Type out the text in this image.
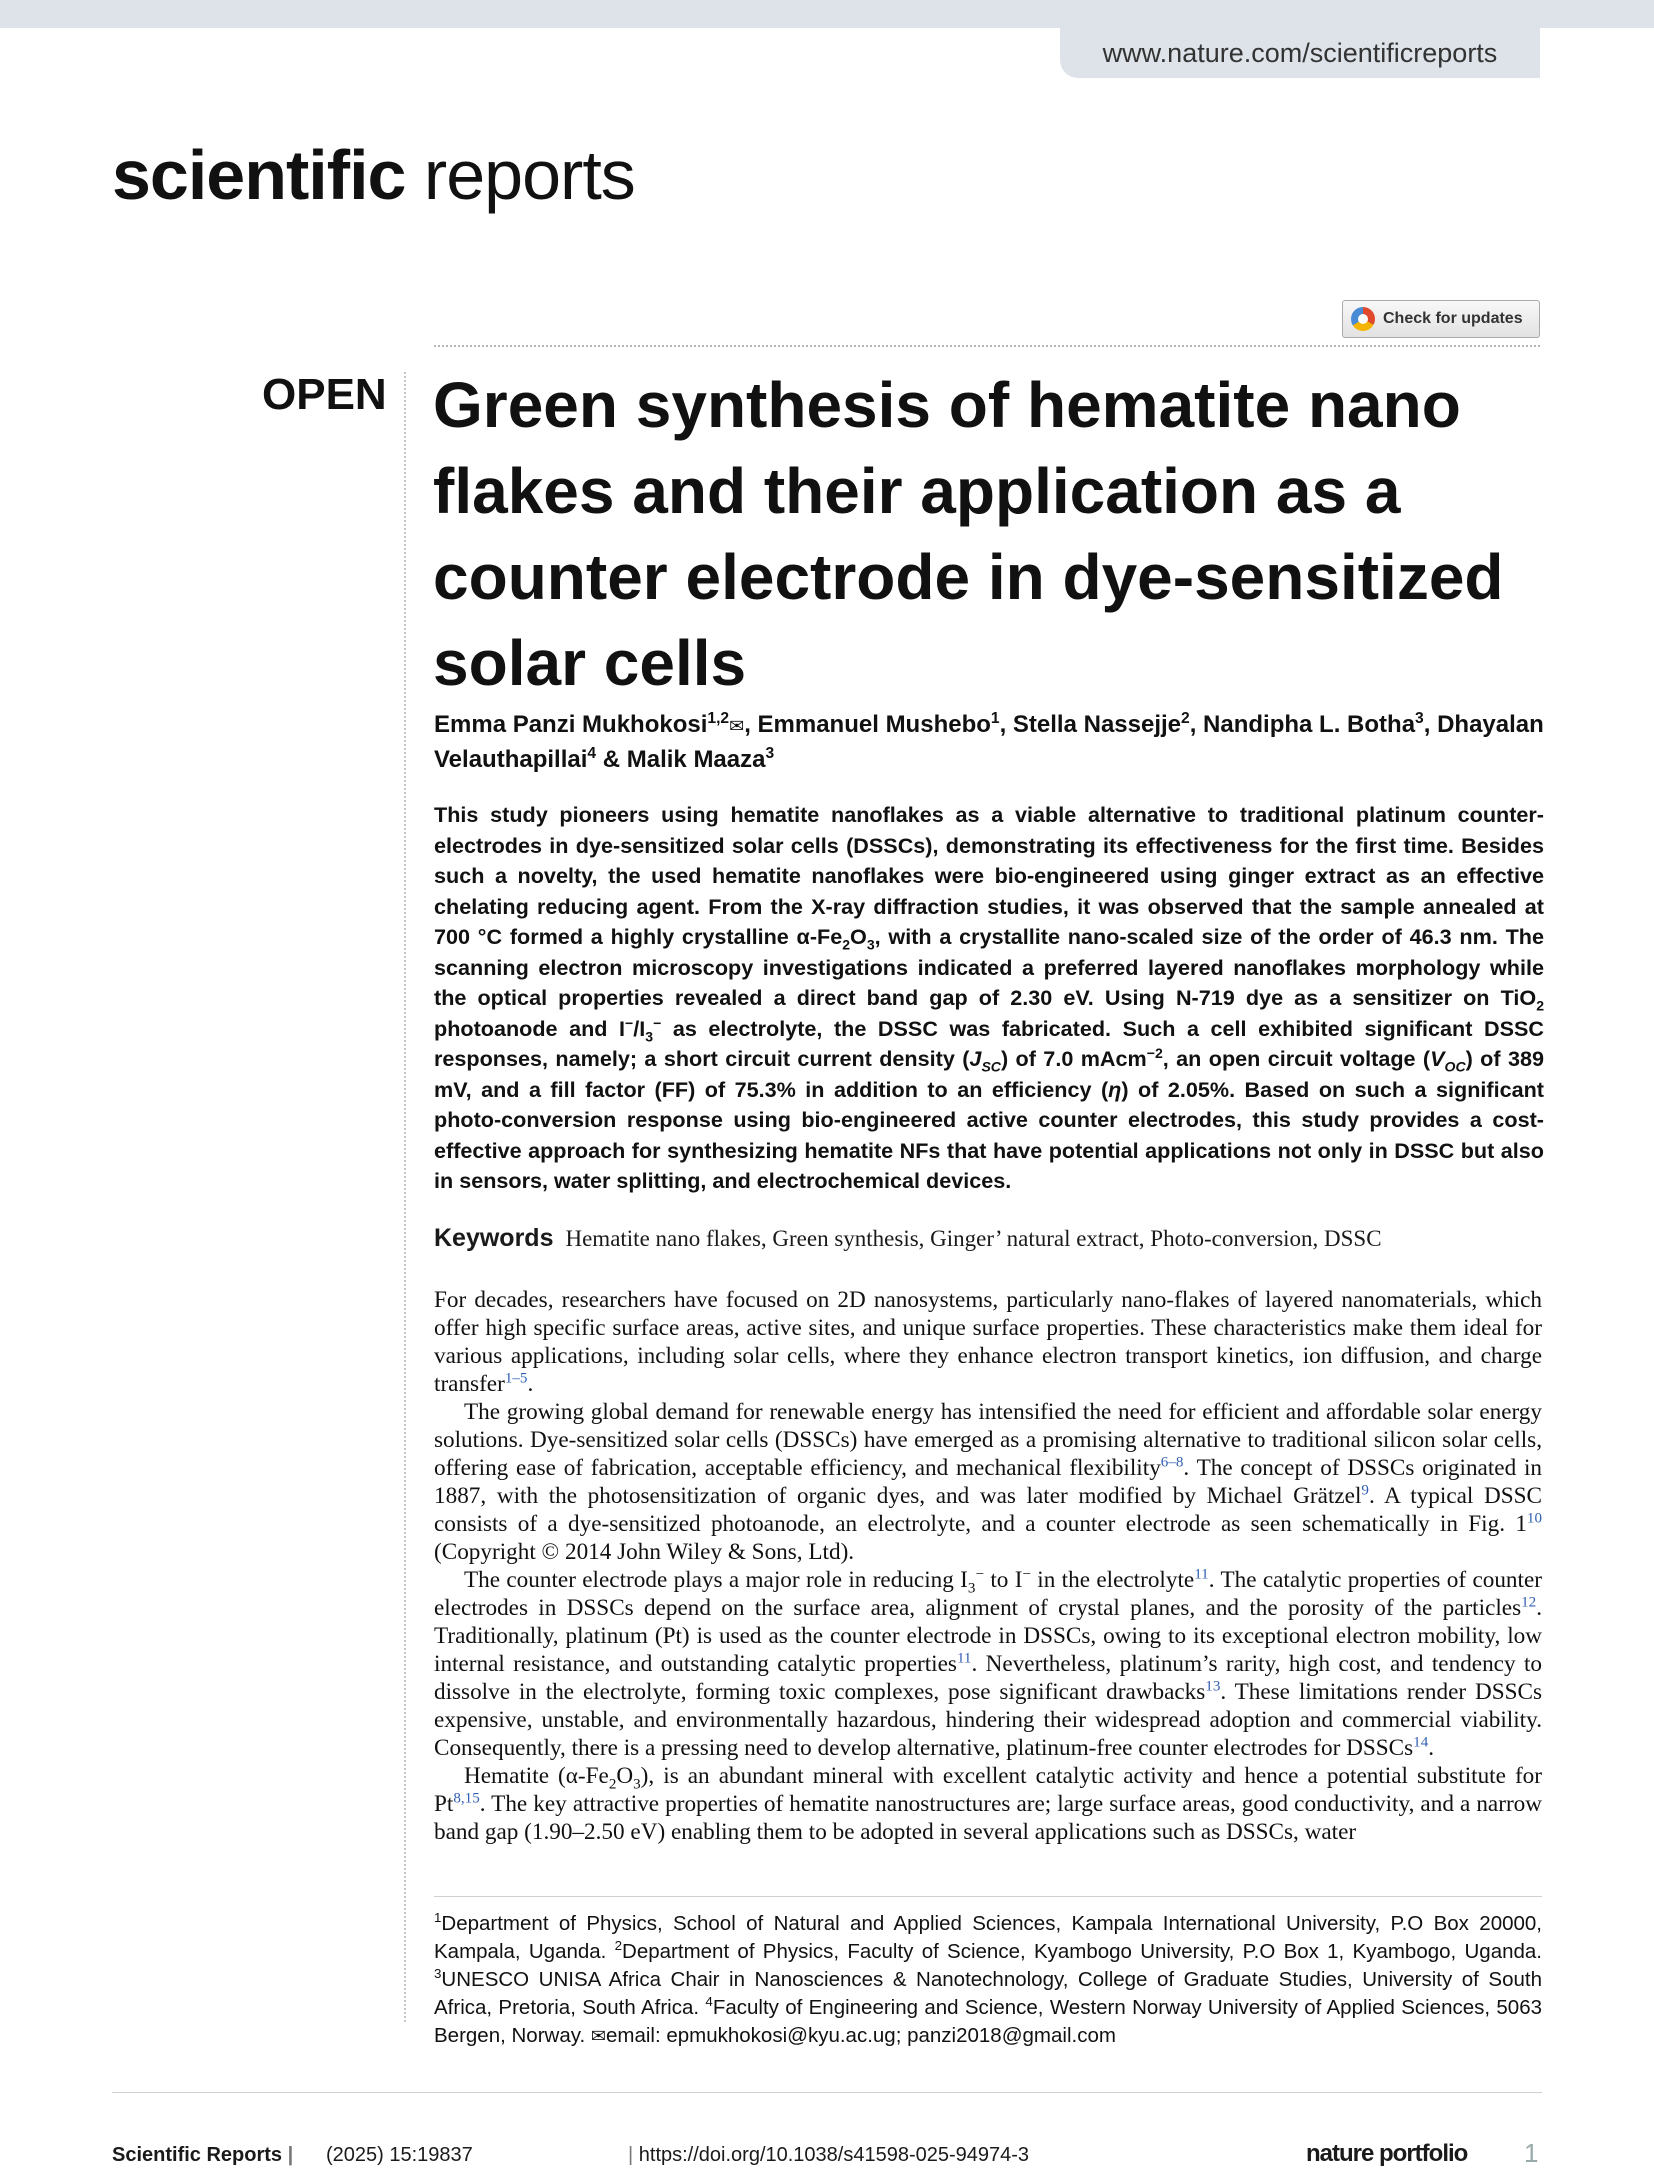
www.nature.com/scientificreports
scientific reports
Check for updates
OPEN Green synthesis of hematite nano flakes and their application as a counter electrode in dye-sensitized solar cells
Emma Panzi Mukhokosi$^{1,2}$✉, Emmanuel Mushebo$^1$, Stella Nassejje$^2$, Nandipha L. Botha$^3$, Dhayalan Velauthapillai$^4$ & Malik Maaza$^3$

This study pioneers using hematite nanoflakes as a viable alternative to traditional platinum counter-electrodes in dye-sensitized solar cells (DSSCs), demonstrating its effectiveness for the first time. Besides such a novelty, the used hematite nanoflakes were bio-engineered using ginger extract as an effective chelating reducing agent. From the X-ray diffraction studies, it was observed that the sample annealed at 700 °C formed a highly crystalline $\alpha-Fe_2O_3$, with a crystallite nano-scaled size of the order of 46.3 nm. The scanning electron microscopy investigations indicated a preferred layered nanoflakes morphology while the optical properties revealed a direct band gap of 2.30 eV. Using N-719 dye as a sensitizer on TiO$_2$ photoanode and $I^-/I_3^-$ as electrolyte, the DSSC was fabricated. Such a cell exhibited significant DSSC responses, namely; a short circuit current density $(J_{SC})$ of 7.0 mAcm$^{-2}$, an open circuit voltage $(V_{OC})$ of 389 mV, and a fill factor (FF) of 75.3% in addition to an efficiency (η) of 2.05%. Based on such a significant photo-conversion response using bio-engineered active counter electrodes, this study provides a cost-effective approach for synthesizing hematite NFs that have potential applications not only in DSSC but also in sensors, water splitting, and electrochemical devices.

Keywords Hematite nano flakes, Green synthesis, Ginger’ natural extract, Photo-conversion, DSSC

For decades, researchers have focused on 2D nanosystems, particularly nano-flakes of layered nanomaterials, which offer high specific surface areas, active sites, and unique surface properties. These characteristics make them ideal for various applications, including solar cells, where they enhance electron transport kinetics, ion diffusion, and charge transfer$^{1-5}$.

The growing global demand for renewable energy has intensified the need for efficient and affordable solar energy solutions. Dye-sensitized solar cells (DSSCs) have emerged as a promising alternative to traditional silicon solar cells, offering ease of fabrication, acceptable efficiency, and mechanical flexibility$^{6-8}$. The concept of DSSCs originated in 1887, with the photosensitization of organic dyes, and was later modified by Michael Grätzel$^9$. A typical DSSC consists of a dye-sensitized photoanode, an electrolyte, and a counter electrode as seen schematically in Fig. 1$^{10}$ (Copyright © 2014 John Wiley & Sons, Ltd).

The counter electrode plays a major role in reducing $I_3^-$ to I− in the electrolyte$^{11}$. The catalytic properties of counter electrodes in DSSCs depend on the surface area, alignment of crystal planes, and the porosity of the particles$^{12}$. Traditionally, platinum (Pt) is used as the counter electrode in DSSCs, owing to its exceptional electron mobility, low internal resistance, and outstanding catalytic properties$^{11}$. Nevertheless, platinum’s rarity, high cost, and tendency to dissolve in the electrolyte, forming toxic complexes, pose significant drawbacks$^{13}$. These limitations render DSSCs expensive, unstable, and environmentally hazardous, hindering their widespread adoption and commercial viability. Consequently, there is a pressing need to develop alternative, platinum-free counter electrodes for DSSCs$^{14}$.

Hematite $(\alpha-Fe_2O_3)$, is an abundant mineral with excellent catalytic activity and hence a potential substitute for Pt$^{8,15}$. The key attractive properties of hematite nanostructures are; large surface areas, good conductivity, and a narrow band gap (1.90–2.50 eV) enabling them to be adopted in several applications such as DSSCs, water

$^1$Department of Physics, School of Natural and Applied Sciences, Kampala International University, P.O Box 20000, Kampala, Uganda. $^2$Department of Physics, Faculty of Science, Kyambogo University, P.O Box 1, Kyambogo, Uganda. $^3$UNESCO UNISA Africa Chair in Nanosciences & Nanotechnology, College of Graduate Studies, University of South Africa, Pretoria, South Africa. $^4$Faculty of Engineering and Science, Western Norway University of Applied Sciences, 5063 Bergen, Norway. ✉email: epmukhokosi@kyu.ac.ug; panzi2018@gmail.com
Scientific Reports | (2025) 15:19837	| https://doi.org/10.1038/s41598-025-94974-3	nature portfolio 1
